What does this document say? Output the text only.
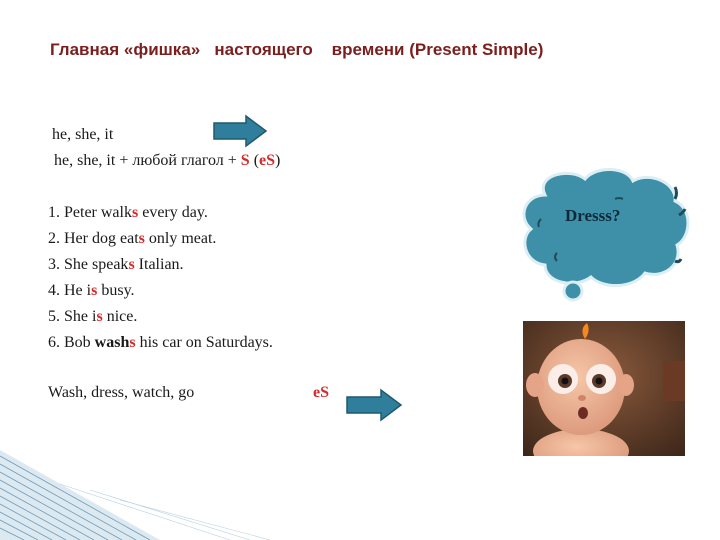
Главная «фишка»   настоящего    времени (Present Simple)
he, she, it
he, she, it + любой глагол + S (eS)
1. Peter walks every day.
2. Her dog eats only meat.
3. She speaks Italian.
4. He is busy.
5. She is nice.
6. Bob washs his car on Saturdays.
Wash, dress, watch, go	eS
Dresss?
